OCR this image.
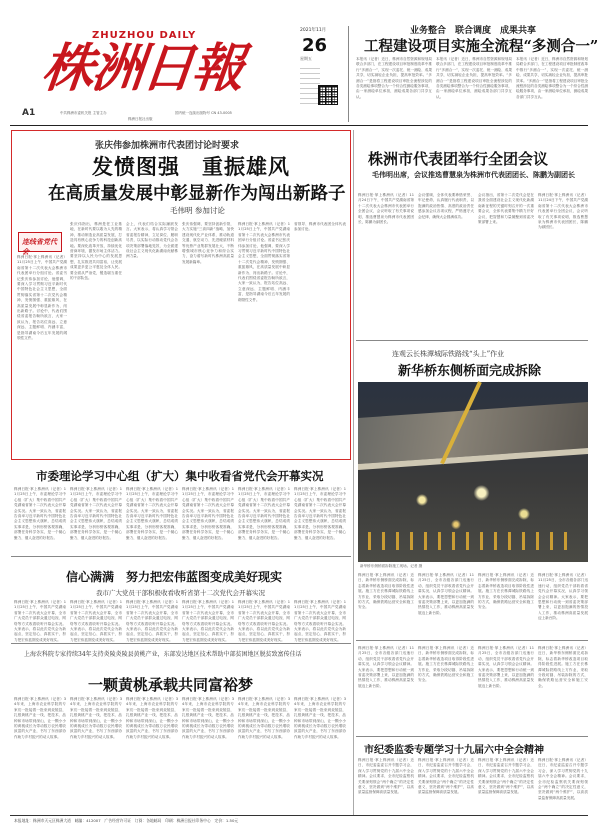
ZHUZHOU DAILY
株洲日報
A1	中共株洲市委机关报 主管主办	国内统一连续出版物号 CN 43-0005
株洲日报社出版
2021年11月
26
星期五
业务整合　联合调度　成果共享
工程建设项目实施全流程“多测合一”
本报讯（记者）近日，株洲市自然资源和规划局联合多部门，在工程建设项目审批制度改革中推行“多测合一”，实现一次委托、统一测绘、成果共享，切实减轻企业负担，提高审批效率。“多测合一”是指将工程建设项目审批全流程涉及的各类测绘事项整合为一个综合性测绘服务事项，由一家测绘单位承担，测绘成果各部门共享互认。
本报讯（记者）近日，株洲市自然资源和规划局联合多部门，在工程建设项目审批制度改革中推行“多测合一”，实现一次委托、统一测绘、成果共享，切实减轻企业负担，提高审批效率。“多测合一”是指将工程建设项目审批全流程涉及的各类测绘事项整合为一个综合性测绘服务事项，由一家测绘单位承担，测绘成果各部门共享互认。
本报讯（记者）近日，株洲市自然资源和规划局联合多部门，在工程建设项目审批制度改革中推行“多测合一”，实现一次委托、统一测绘、成果共享，切实减轻企业负担，提高审批效率。“多测合一”是指将工程建设项目审批全流程涉及的各类测绘事项整合为一个综合性测绘服务事项，由一家测绘单位承担，测绘成果各部门共享互认。
张庆伟参加株洲市代表团讨论时要求
发愤图强　重振雄风
在高质量发展中彰显新作为闯出新路子
毛伟明 参加讨论
连线省党代会
株洲日报·掌上株洲讯（记者）11月25日上午，中国共产党湖南省第十二次代表大会株洲市代表团举行分组讨论。省委书记张庆伟参加讨论，他强调，要深入学习贯彻习近平新时代中国特色社会主义思想，全面贯彻落实省第十二次党代会精神，发愤图强、重振雄风，在高质量发展中彰显新作为、闯出新路子。讨论中，代表们围绕省委报告畅所欲言，大家一致认为，报告站位高远、立意深远、主题鲜明、内涵丰富，是指导湖南今后五年发展的纲领性文件。
张庆伟指出，株洲是老工业基地，在新时代要以敢为人先的精神，推动制造业高质量发展，打造具有核心竞争力的科技创新高地。要深化改革开放，持续优化营商环境，激发市场主体活力。要坚持以人民为中心的发展思想，扎实推进共同富裕，让发展成果更多更公平惠及全体人民。要全面从严治党，锻造堪当重任的干部队伍。
会上，代表们结合实际踊跃发言。大家表示，将认真学习领会省委报告精神，立足岗位、履职尽责，以实际行动推动党代会各项决策部署落地见效，为全面建设社会主义现代化新湖南贡献株洲力量。
张庆伟强调，要坚持创新引领，大力实施“三高四新”战略，加快建设现代化产业体系，推动轨道交通、航空动力、先进硬质材料等优势产业集群发展壮大，不断增强城市核心竞争力和综合实力，奋力谱写新时代株洲高质量发展新篇章。
株洲日报·掌上株洲讯（记者）11月25日上午，中国共产党湖南省第十二次代表大会株洲市代表团举行分组讨论。省委书记张庆伟参加讨论，他强调，要深入学习贯彻习近平新时代中国特色社会主义思想，全面贯彻落实省第十二次党代会精神，发愤图强、重振雄风，在高质量发展中彰显新作为、闯出新路子。讨论中，代表们围绕省委报告畅所欲言，大家一致认为，报告站位高远、立意深远、主题鲜明、内涵丰富，是指导湖南今后五年发展的纲领性文件。
省领导、株洲市代表团全体代表参加讨论。
株洲市代表团举行全团会议
毛伟明出席，会议推选曹慧泉为株洲市代表团团长、陈鹏为副团长
株洲日报·掌上株洲讯（记者）11月24日下午，中国共产党湖南省第十二次代表大会株洲市代表团举行全团会议，会议听取了有关事项说明，推选曹慧泉为株洲市代表团团长，陈鹏为副团长。
会议强调，全体代表要珍惜荣誉、牢记使命，认真履行代表职责，以饱满的政治热情、高度的政治责任感参加会议各项议程，严格遵守大会纪律，确保大会圆满成功。
会议指出，省第十二次党代会是在我省全面建设社会主义现代化新湖南新征程的关键时刻召开的一次重要会议，全体代表要集中精力开好会议，把智慧和力量凝聚到省委决策部署上来。
株洲日报·掌上株洲讯（记者）11月24日下午，中国共产党湖南省第十二次代表大会株洲市代表团举行全团会议，会议听取了有关事项说明，推选曹慧泉为株洲市代表团团长，陈鹏为副团长。
连观云长株潭城际铁路线“头上”作业
新华桥东侧桥面完成拆除
新华桥东侧桥面拆除施工现场。记者 摄
株洲日报·掌上株洲讯（记者）近日，新华桥东侧桥面完成拆除，标志着新华桥改造项目取得阶段性进展。施工方在长株潭城际铁路线上方作业，采取分段切割、吊装拆除的方式，确保铁路运营安全和施工安全。
株洲日报·掌上株洲讯（记者）11月25日，全市各级各部门迅速行动，组织党员干部收看省党代会开幕实况，认真学习领会会议精神。大家表示，要把思想和行动统一到省委决策部署上来，以更加饱满的热情投入工作，推动株洲高质量发展迈上新台阶。
株洲日报·掌上株洲讯（记者）近日，新华桥东侧桥面完成拆除，标志着新华桥改造项目取得阶段性进展。施工方在长株潭城际铁路线上方作业，采取分段切割、吊装拆除的方式，确保铁路运营安全和施工安全。
株洲日报·掌上株洲讯（记者）11月25日，全市各级各部门迅速行动，组织党员干部收看省党代会开幕实况，认真学习领会会议精神。大家表示，要把思想和行动统一到省委决策部署上来，以更加饱满的热情投入工作，推动株洲高质量发展迈上新台阶。
市委理论学习中心组（扩大）集中收看省党代会开幕实况
株洲日报·掌上株洲讯（记者）11月25日上午，市委理论学习中心组（扩大）集中收看中国共产党湖南省第十二次代表大会开幕会实况。大家一致认为，省委报告高举习近平新时代中国特色社会主义思想伟大旗帜，总结成绩实事求是，分析形势客观准确，部署任务科学务实，是一个凝心聚力、催人奋进的好报告。
株洲日报·掌上株洲讯（记者）11月25日上午，市委理论学习中心组（扩大）集中收看中国共产党湖南省第十二次代表大会开幕会实况。大家一致认为，省委报告高举习近平新时代中国特色社会主义思想伟大旗帜，总结成绩实事求是，分析形势客观准确，部署任务科学务实，是一个凝心聚力、催人奋进的好报告。
株洲日报·掌上株洲讯（记者）11月25日上午，市委理论学习中心组（扩大）集中收看中国共产党湖南省第十二次代表大会开幕会实况。大家一致认为，省委报告高举习近平新时代中国特色社会主义思想伟大旗帜，总结成绩实事求是，分析形势客观准确，部署任务科学务实，是一个凝心聚力、催人奋进的好报告。
株洲日报·掌上株洲讯（记者）11月25日上午，市委理论学习中心组（扩大）集中收看中国共产党湖南省第十二次代表大会开幕会实况。大家一致认为，省委报告高举习近平新时代中国特色社会主义思想伟大旗帜，总结成绩实事求是，分析形势客观准确，部署任务科学务实，是一个凝心聚力、催人奋进的好报告。
株洲日报·掌上株洲讯（记者）11月25日上午，市委理论学习中心组（扩大）集中收看中国共产党湖南省第十二次代表大会开幕会实况。大家一致认为，省委报告高举习近平新时代中国特色社会主义思想伟大旗帜，总结成绩实事求是，分析形势客观准确，部署任务科学务实，是一个凝心聚力、催人奋进的好报告。
株洲日报·掌上株洲讯（记者）11月25日上午，市委理论学习中心组（扩大）集中收看中国共产党湖南省第十二次代表大会开幕会实况。大家一致认为，省委报告高举习近平新时代中国特色社会主义思想伟大旗帜，总结成绩实事求是，分析形势客观准确，部署任务科学务实，是一个凝心聚力、催人奋进的好报告。
信心满满　努力把宏伟蓝图变成美好现实
我市广大党员干部积极收看收听省第十二次党代会开幕实况
株洲日报·掌上株洲讯（记者）11月25日上午，中国共产党湖南省第十二次代表大会开幕，全市广大党员干部群众通过电视、网络等方式收看收听开幕会实况。大家表示，将以此次党代会为新起点，坚定信心、真抓实干，努力把宏伟蓝图变成美好现实。
株洲日报·掌上株洲讯（记者）11月25日上午，中国共产党湖南省第十二次代表大会开幕，全市广大党员干部群众通过电视、网络等方式收看收听开幕会实况。大家表示，将以此次党代会为新起点，坚定信心、真抓实干，努力把宏伟蓝图变成美好现实。
株洲日报·掌上株洲讯（记者）11月25日上午，中国共产党湖南省第十二次代表大会开幕，全市广大党员干部群众通过电视、网络等方式收看收听开幕会实况。大家表示，将以此次党代会为新起点，坚定信心、真抓实干，努力把宏伟蓝图变成美好现实。
株洲日报·掌上株洲讯（记者）11月25日上午，中国共产党湖南省第十二次代表大会开幕，全市广大党员干部群众通过电视、网络等方式收看收听开幕会实况。大家表示，将以此次党代会为新起点，坚定信心、真抓实干，努力把宏伟蓝图变成美好现实。
株洲日报·掌上株洲讯（记者）11月25日上午，中国共产党湖南省第十二次代表大会开幕，全市广大党员干部群众通过电视、网络等方式收看收听开幕会实况。大家表示，将以此次党代会为新起点，坚定信心、真抓实干，努力把宏伟蓝图变成美好现实。
株洲日报·掌上株洲讯（记者）11月25日上午，中国共产党湖南省第十二次代表大会开幕，全市广大党员干部群众通过电视、网络等方式收看收听开幕会实况。大家表示，将以此次党代会为新起点，坚定信心、真抓实干，努力把宏伟蓝图变成美好现实。
上海农科院专家持续34年支持炎陵炎陵县黄桃产业，东部发达地区技术帮助中部贫困地区脱贫致富传佳话
一颗黄桃承载共同富裕梦
株洲日报·掌上株洲讯（记者）34年来，上海市农业科学院的专家们一批接着一批来到炎陵县，扎根黄桃产业一线，把技术、品种和市场带到深山，让一颗小小的黄桃成长为带动数万农民增收致富的大产业，书写了东西部协作助力乡村振兴的动人故事。
株洲日报·掌上株洲讯（记者）34年来，上海市农业科学院的专家们一批接着一批来到炎陵县，扎根黄桃产业一线，把技术、品种和市场带到深山，让一颗小小的黄桃成长为带动数万农民增收致富的大产业，书写了东西部协作助力乡村振兴的动人故事。
株洲日报·掌上株洲讯（记者）34年来，上海市农业科学院的专家们一批接着一批来到炎陵县，扎根黄桃产业一线，把技术、品种和市场带到深山，让一颗小小的黄桃成长为带动数万农民增收致富的大产业，书写了东西部协作助力乡村振兴的动人故事。
株洲日报·掌上株洲讯（记者）34年来，上海市农业科学院的专家们一批接着一批来到炎陵县，扎根黄桃产业一线，把技术、品种和市场带到深山，让一颗小小的黄桃成长为带动数万农民增收致富的大产业，书写了东西部协作助力乡村振兴的动人故事。
株洲日报·掌上株洲讯（记者）34年来，上海市农业科学院的专家们一批接着一批来到炎陵县，扎根黄桃产业一线，把技术、品种和市场带到深山，让一颗小小的黄桃成长为带动数万农民增收致富的大产业，书写了东西部协作助力乡村振兴的动人故事。
株洲日报·掌上株洲讯（记者）34年来，上海市农业科学院的专家们一批接着一批来到炎陵县，扎根黄桃产业一线，把技术、品种和市场带到深山，让一颗小小的黄桃成长为带动数万农民增收致富的大产业，书写了东西部协作助力乡村振兴的动人故事。
株洲日报·掌上株洲讯（记者）11月25日，全市各级各部门迅速行动，组织党员干部收看省党代会开幕实况，认真学习领会会议精神。大家表示，要把思想和行动统一到省委决策部署上来，以更加饱满的热情投入工作，推动株洲高质量发展迈上新台阶。
株洲日报·掌上株洲讯（记者）近日，新华桥东侧桥面完成拆除，标志着新华桥改造项目取得阶段性进展。施工方在长株潭城际铁路线上方作业，采取分段切割、吊装拆除的方式，确保铁路运营安全和施工安全。
株洲日报·掌上株洲讯（记者）11月25日，全市各级各部门迅速行动，组织党员干部收看省党代会开幕实况，认真学习领会会议精神。大家表示，要把思想和行动统一到省委决策部署上来，以更加饱满的热情投入工作，推动株洲高质量发展迈上新台阶。
株洲日报·掌上株洲讯（记者）近日，新华桥东侧桥面完成拆除，标志着新华桥改造项目取得阶段性进展。施工方在长株潭城际铁路线上方作业，采取分段切割、吊装拆除的方式，确保铁路运营安全和施工安全。
市纪委监委专题学习十九届六中全会精神
株洲日报·掌上株洲讯（记者）近日，市纪委监委召开专题学习会，深入学习贯彻党的十九届六中全会精神。会议要求，全市纪检监察机关要深刻领会“两个确立”的决定性意义，坚决做到“两个维护”，以高质量监督保障高质量发展。
株洲日报·掌上株洲讯（记者）近日，市纪委监委召开专题学习会，深入学习贯彻党的十九届六中全会精神。会议要求，全市纪检监察机关要深刻领会“两个确立”的决定性意义，坚决做到“两个维护”，以高质量监督保障高质量发展。
株洲日报·掌上株洲讯（记者）近日，市纪委监委召开专题学习会，深入学习贯彻党的十九届六中全会精神。会议要求，全市纪检监察机关要深刻领会“两个确立”的决定性意义，坚决做到“两个维护”，以高质量监督保障高质量发展。
株洲日报·掌上株洲讯（记者）近日，市纪委监委召开专题学习会，深入学习贯彻党的十九届六中全会精神。会议要求，全市纪检监察机关要深刻领会“两个确立”的决定性意义，坚决做到“两个维护”，以高质量监督保障高质量发展。
本报地址：株洲市天元区株洲大道　邮编：412007　广告经营许可证　订阅：各地邮局　印刷：株洲日报社印务中心　定价：1.50元
